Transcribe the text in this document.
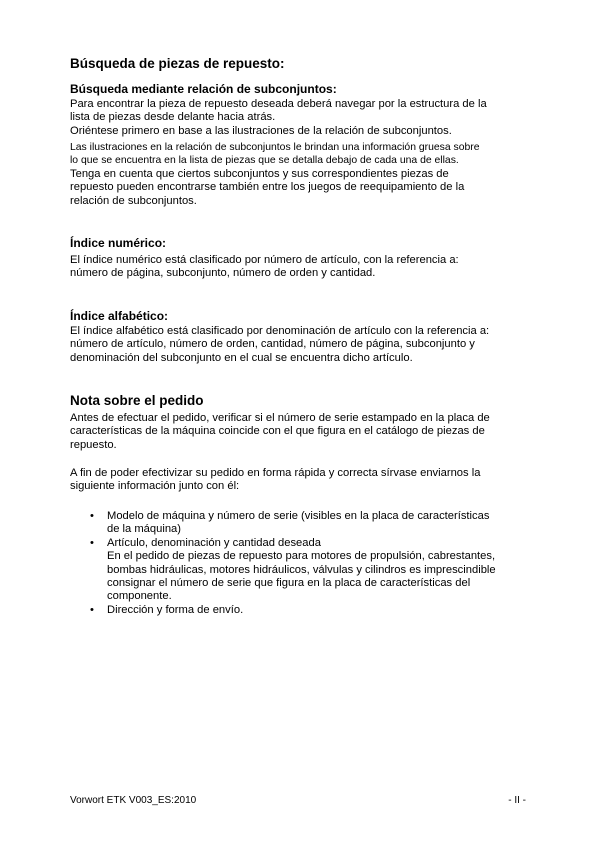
Búsqueda de piezas de repuesto:
Búsqueda mediante relación de subconjuntos:
Para encontrar la pieza de repuesto deseada deberá navegar por la estructura de la
lista de piezas desde delante hacia atrás.
Oriéntese primero en base a las ilustraciones de la relación de subconjuntos.
Las ilustraciones en la relación de subconjuntos le brindan una información gruesa sobre
lo que se encuentra en la lista de piezas que se detalla debajo de cada una de ellas.
Tenga en cuenta que ciertos subconjuntos y sus correspondientes piezas de
repuesto pueden encontrarse también entre los juegos de reequipamiento de la
relación de subconjuntos.
Índice numérico:
El índice numérico está clasificado por número de artículo, con la referencia a:
número de página, subconjunto, número de orden y cantidad.
Índice alfabético:
El índice alfabético está clasificado por denominación de artículo con la referencia a:
número de artículo, número de orden, cantidad, número de página, subconjunto y
denominación del subconjunto en el cual se encuentra dicho artículo.
Nota sobre el pedido
Antes de efectuar el pedido, verificar si el número de serie estampado en la placa de
características de la máquina coincide con el que figura en el catálogo de piezas de
repuesto.
A fin de poder efectivizar su pedido en forma rápida y correcta sírvase enviarnos la
siguiente información junto con él:
• Modelo de máquina y número de serie (visibles en la placa de características
de la máquina)
• Artículo, denominación y cantidad deseada
En el pedido de piezas de repuesto para motores de propulsión, cabrestantes,
bombas hidráulicas, motores hidráulicos, válvulas y cilindros es imprescindible
consignar el número de serie que figura en la placa de características del
componente.
• Dirección y forma de envío.
Vorwort ETK V003_ES:2010	- II -
